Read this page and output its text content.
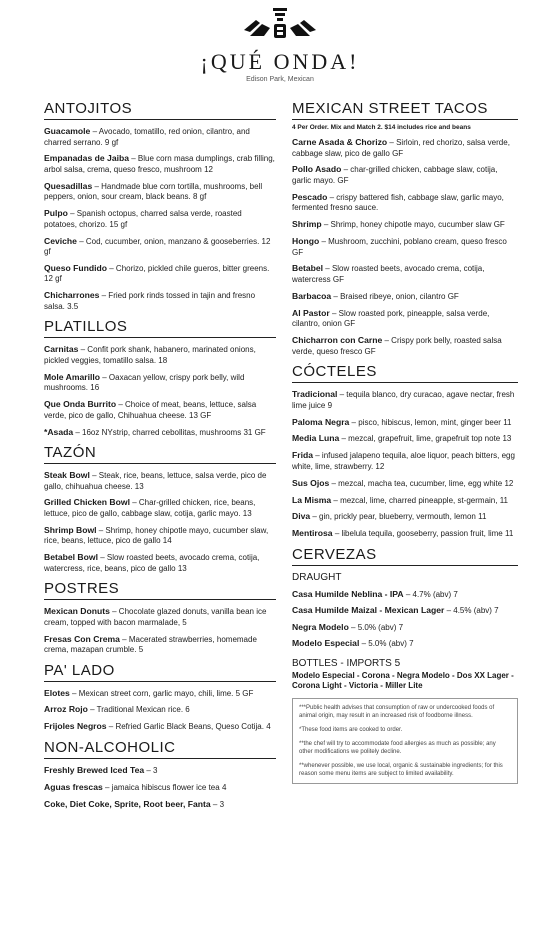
¡QUÉ ONDA!
Edison Park, Mexican
ANTOJITOS
Guacamole – Avocado, tomatillo, red onion, cilantro, and charred serrano. 9 gf
Empanadas de Jaiba – Blue corn masa dumplings, crab filling, arbol salsa, crema, queso fresco, mushroom 12
Quesadillas – Handmade blue corn tortilla, mushrooms, bell peppers, onion, sour cream, black beans. 8 gf
Pulpo – Spanish octopus, charred salsa verde, roasted potatoes, chorizo. 15 gf
Ceviche – Cod, cucumber, onion, manzano & gooseberries. 12 gf
Queso Fundido – Chorizo, pickled chile gueros, bitter greens. 12 gf
Chicharrones – Fried pork rinds tossed in tajin and fresno salsa. 3.5
PLATILLOS
Carnitas – Confit pork shank, habanero, marinated onions, pickled veggies, tomatillo salsa. 18
Mole Amarillo – Oaxacan yellow, crispy pork belly, wild mushrooms. 16
Que Onda Burrito – Choice of meat, beans, lettuce, salsa verde, pico de gallo, Chihuahua cheese. 13 GF
*Asada – 16oz NYstrip, charred cebollitas, mushrooms 31 GF
TAZÓN
Steak Bowl – Steak, rice, beans, lettuce, salsa verde, pico de gallo, chihuahua cheese. 13
Grilled Chicken Bowl – Char-grilled chicken, rice, beans, lettuce, pico de gallo, cabbage slaw, cotija, garlic mayo. 13
Shrimp Bowl – Shrimp, honey chipotle mayo, cucumber slaw, rice, beans, lettuce, pico de gallo 14
Betabel Bowl – Slow roasted beets, avocado crema, cotija, watercress, rice, beans, pico de gallo 13
POSTRES
Mexican Donuts – Chocolate glazed donuts, vanilla bean ice cream, topped with bacon marmalade, 5
Fresas Con Crema – Macerated strawberries, homemade crema, mazapan crumble. 5
PA' LADO
Elotes – Mexican street corn, garlic mayo, chili, lime. 5 GF
Arroz Rojo – Traditional Mexican rice. 6
Frijoles Negros – Refried Garlic Black Beans, Queso Cotija. 4
NON-ALCOHOLIC
Freshly Brewed Iced Tea – 3
Aguas frescas – jamaica hibiscus flower ice tea 4
Coke, Diet Coke, Sprite, Root beer, Fanta – 3
MEXICAN STREET TACOS
4 Per Order. Mix and Match 2. $14 includes rice and beans
Carne Asada & Chorizo – Sirloin, red chorizo, salsa verde, cabbage slaw, pico de gallo GF
Pollo Asado – char-grilled chicken, cabbage slaw, cotija, garlic mayo. GF
Pescado – crispy battered fish, cabbage slaw, garlic mayo, fermented fresno sauce.
Shrimp – Shrimp, honey chipotle mayo, cucumber slaw GF
Hongo – Mushroom, zucchini, poblano cream, queso fresco GF
Betabel – Slow roasted beets, avocado crema, cotija, watercress GF
Barbacoa – Braised ribeye, onion, cilantro GF
Al Pastor – Slow roasted pork, pineapple, salsa verde, cilantro, onion GF
Chicharron con Carne – Crispy pork belly, roasted salsa verde, queso fresco GF
CÓCTELES
Tradicional – tequila blanco, dry curacao, agave nectar, fresh lime juice 9
Paloma Negra – pisco, hibiscus, lemon, mint, ginger beer 11
Media Luna – mezcal, grapefruit, lime, grapefruit top note 13
Frida – infused jalapeno tequila, aloe liquor, peach bitters, egg white, lime, strawberry. 12
Sus Ojos – mezcal, macha tea, cucumber, lime, egg white 12
La Misma – mezcal, lime, charred pineapple, st-germain, 11
Diva – gin, prickly pear, blueberry, vermouth, lemon 11
Mentirosa – libelula tequila, gooseberry, passion fruit, lime 11
CERVEZAS
DRAUGHT
Casa Humilde Neblina - IPA – 4.7% (abv) 7
Casa Humilde Maizal - Mexican Lager – 4.5% (abv) 7
Negra Modelo – 5.0% (abv) 7
Modelo Especial – 5.0% (abv) 7
BOTTLES - IMPORTS 5
Modelo Especial - Corona - Negra Modelo - Dos XX Lager - Corona Light - Victoria - Miller Lite

***Public health advises that consumption of raw or undercooked foods of animal origin, may result in an increased risk of foodborne illness.

*These food items are cooked to order.

**the chef will try to accommodate food allergies as much as possible; any other modifications we politely decline.

**whenever possible, we use local, organic & sustainable ingredients; for this reason some menu items are subject to limited availability.
